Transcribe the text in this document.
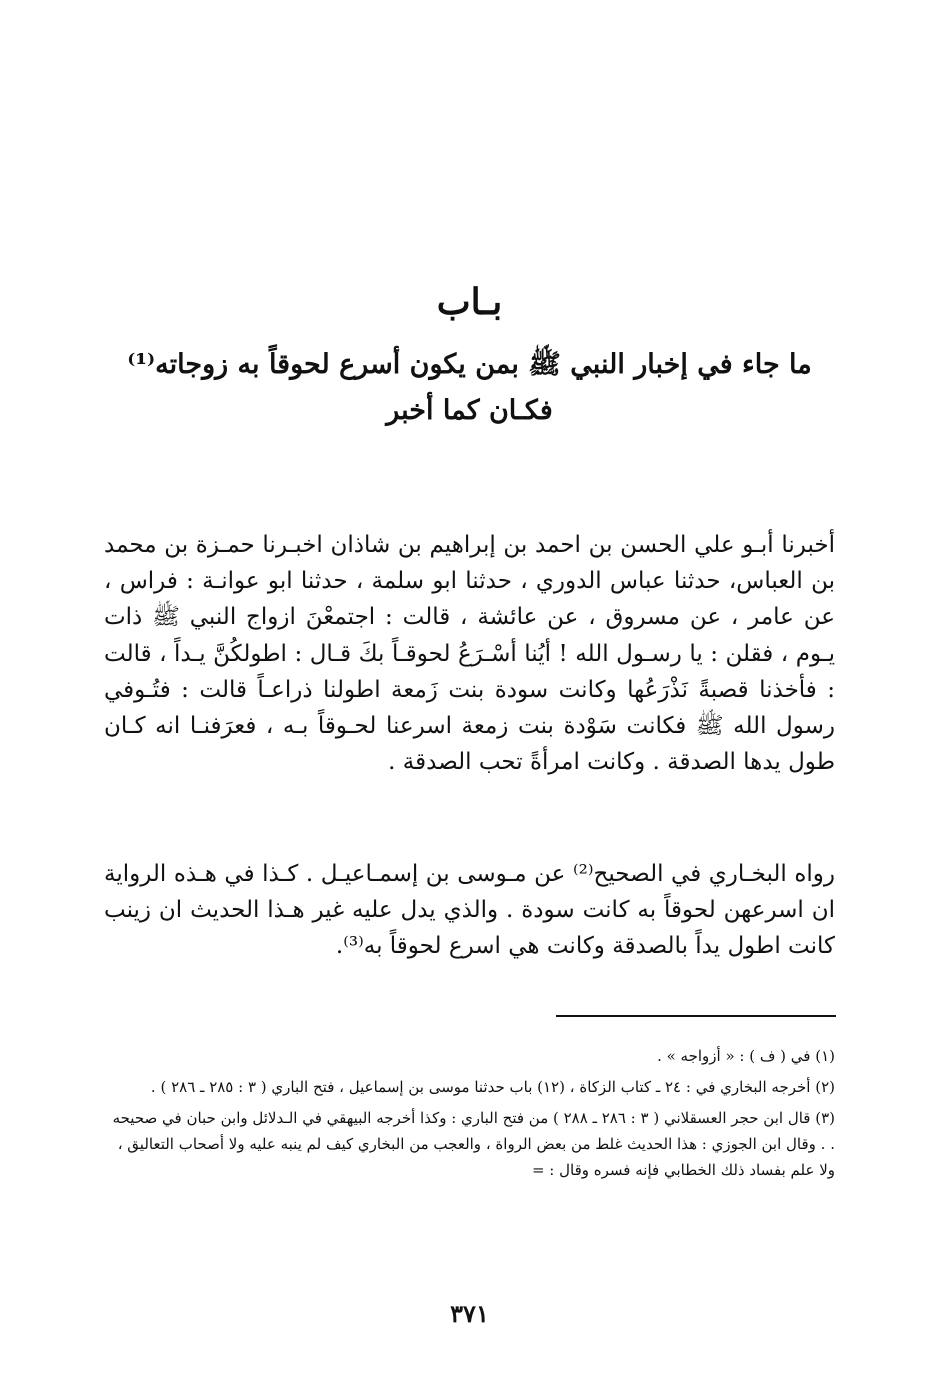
بـاب
ما جاء في إخبار النبي ﷺ بمن يكون أسرع لحوقاً به زوجاته⁽¹⁾ فكـان كما أخبر
أخبرنا أبـو علي الحسن بن احمد بن إبراهيم بن شاذان اخبـرنا حمـزة بن محمد بن العباس، حدثنا عباس الدوري ، حدثنا ابو سلمة ، حدثنا ابو عوانـة : فراس ، عن عامر ، عن مسروق ، عن عائشة ، قالت : اجتمعْنَ ازواج النبي ﷺ ذات يـوم ، فقلن : يا رسـول الله ! أيُنا أسْـرَعُ لحوقـاً بكَ قـال : اطولكُنَّ يـداً ، قالت : فأخذنا قصبةً نَذْرَعُها وكانت سودة بنت زَمعة اطولنا ذراعـاً قالت : فتُـوفي رسول الله ﷺ فكانت سَوْدة بنت زمعة اسرعنا لحـوقاً بـه ، فعرَفنـا انه كـان طول يدها الصدقة . وكانت امرأةً تحب الصدقة .
رواه البخـاري في الصحيح⁽²⁾ عن مـوسى بن إسمـاعيـل . كـذا في هـذه الرواية ان اسرعهن لحوقاً به كانت سودة . والذي يدل عليه غير هـذا الحديث ان زينب كانت اطول يداً بالصدقة وكانت هي اسرع لحوقاً به⁽³⁾.

(١) في ( ف ) : « أزواجه » .

(٢) أخرجه البخاري في : ٢٤ ـ كتاب الزكاة ، (١٢) باب حدثنا موسى بن إسماعيل ، فتح الباري ( ٣ : ٢٨٥ ـ ٢٨٦ ) .

(٣) قال ابن حجر العسقلاني ( ٣ : ٢٨٦ ـ ٢٨٨ ) من فتح الباري : وكذا أخرجه البيهقي في الـدلائل وابن حبان في صحيحه . . وقال ابن الجوزي : هذا الحديث غلط من بعض الرواة ، والعجب من البخاري كيف لم ينبه عليه ولا أصحاب التعاليق ، ولا علم بفساد ذلك الخطابي فإنه فسره وقال : =

٣٧١
